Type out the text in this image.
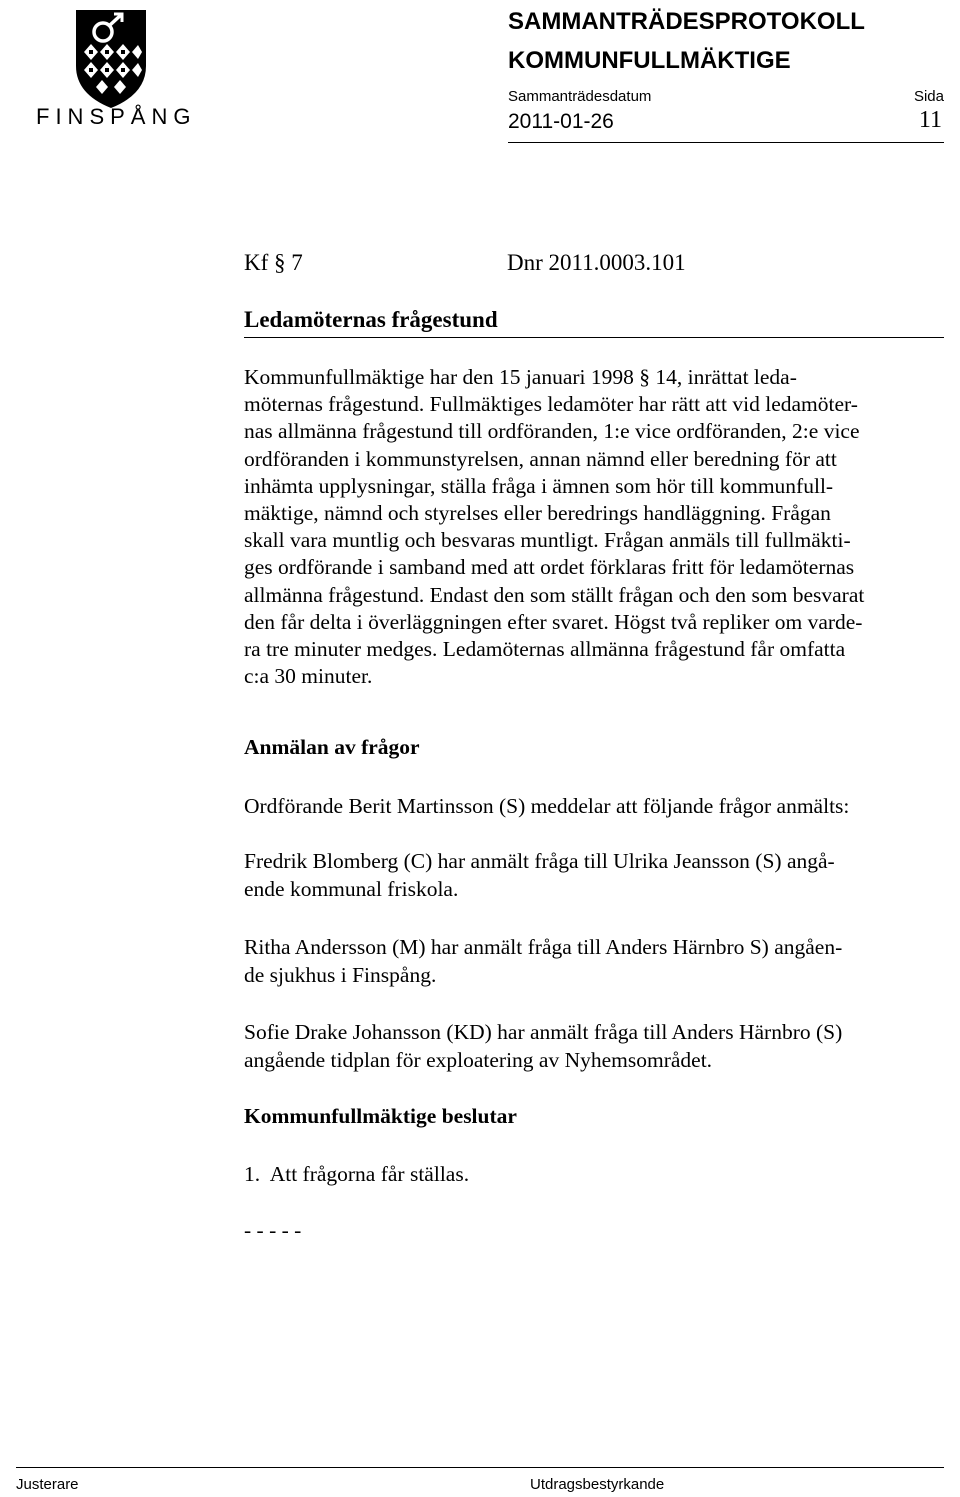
FINSPÅNG
SAMMANTRÄDESPROTOKOLL
KOMMUNFULLMÄKTIGE
Sammanträdesdatum	Sida
2011-01-26	11
Kf § 7	Dnr 2011.0003.101
Ledamöternas frågestund
Kommunfullmäktige har den 15 januari 1998 § 14, inrättat leda-
möternas frågestund. Fullmäktiges ledamöter har rätt att vid ledamöter-
nas allmänna frågestund till ordföranden, 1:e vice ordföranden, 2:e vice
ordföranden i kommunstyrelsen, annan nämnd eller beredning för att
inhämta upplysningar, ställa fråga i ämnen som hör till kommunfull-
mäktige, nämnd och styrelses eller beredrings handläggning. Frågan
skall vara muntlig och besvaras muntligt. Frågan anmäls till fullmäkti-
ges ordförande i samband med att ordet förklaras fritt för ledamöternas
allmänna frågestund. Endast den som ställt frågan och den som besvarat
den får delta i överläggningen efter svaret. Högst två repliker om varde-
ra tre minuter medges. Ledamöternas allmänna frågestund får omfatta
c:a 30 minuter.
Anmälan av frågor
Ordförande Berit Martinsson (S) meddelar att följande frågor anmälts:
Fredrik Blomberg (C) har anmält fråga till Ulrika Jeansson (S) angå-
ende kommunal friskola.
Ritha Andersson (M) har anmält fråga till Anders Härnbro S) angåen-
de sjukhus i Finspång.
Sofie Drake Johansson (KD) har anmält fråga till Anders Härnbro (S)
angående tidplan för exploatering av Nyhemsområdet.
Kommunfullmäktige beslutar
1.  Att frågorna får ställas.
- - - - -
Justerare	Utdragsbestyrkande
